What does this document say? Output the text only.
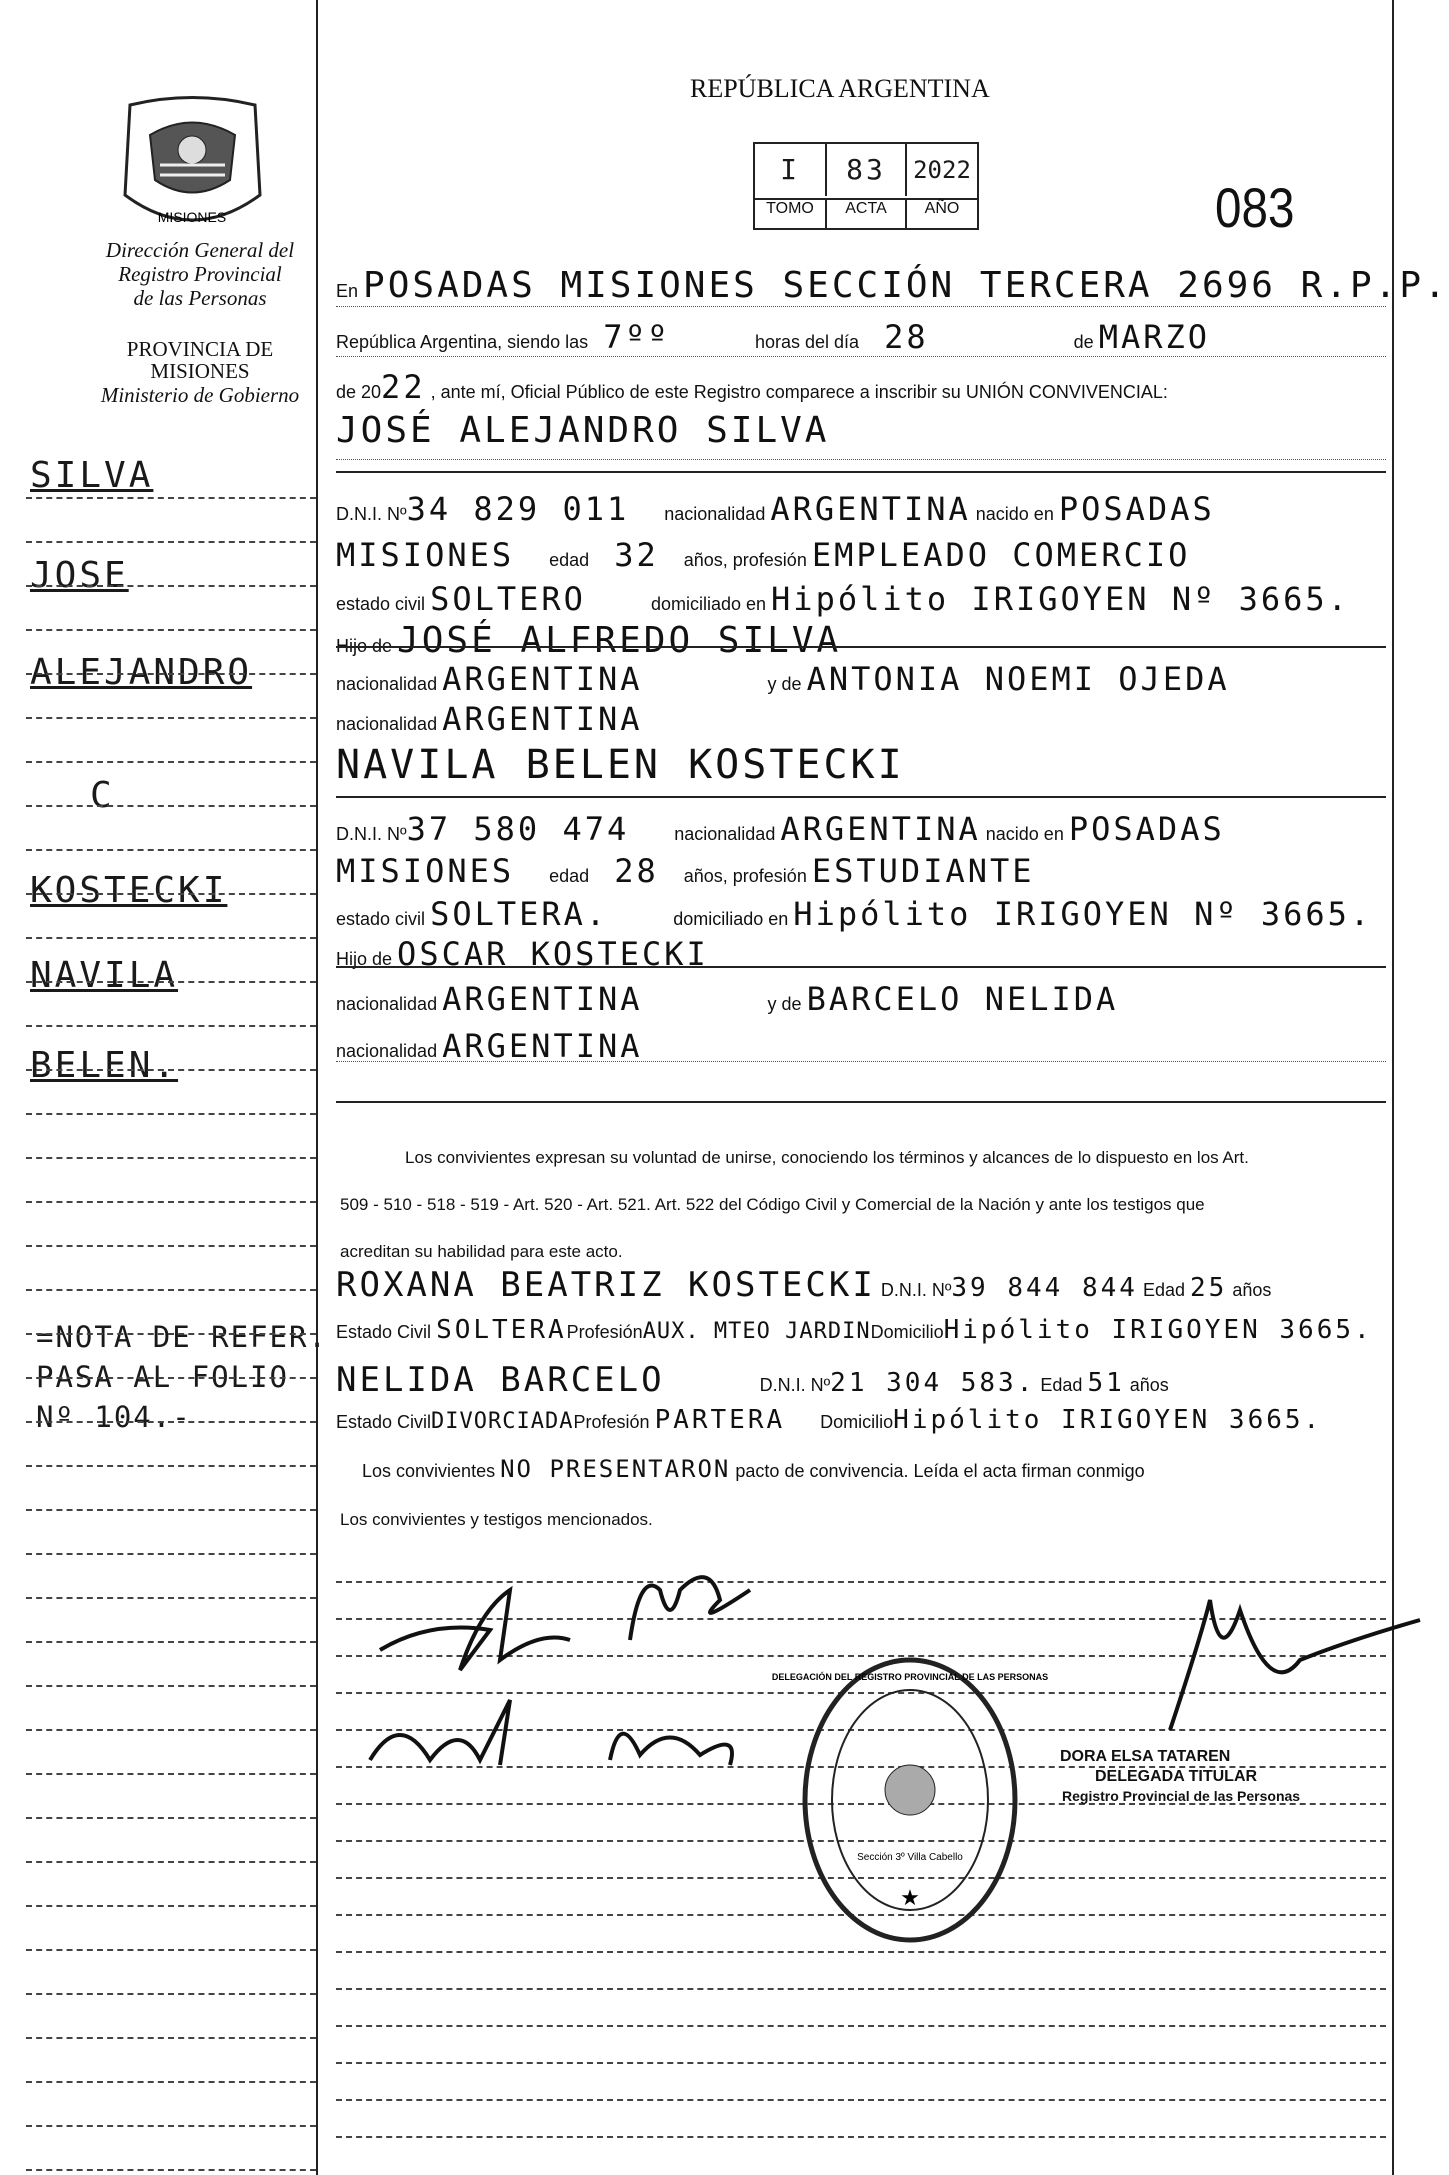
MISIONES
Dirección General del
Registro Provincial
de las Personas
PROVINCIA DE
MISIONES
Ministerio de Gobierno
SILVA
JOSE
ALEJANDRO
C
KOSTECKI
NAVILA
BELEN.
=NOTA DE REFER.
PASA AL FOLIO
Nº 104.-
REPÚBLICA ARGENTINA
I	83	2022
TOMO	ACTA	AÑO	083
En POSADAS MISIONES SECCIÓN TERCERA 2696 R.P.P.
República Argentina, siendo las 7ºº	horas del día 28	de MARZO
de 2022 , ante mí, Oficial Público de este Registro comparece a inscribir su UNIÓN CONVIVENCIAL:
JOSÉ ALEJANDRO SILVA
D.N.I. Nº34 829 011 nacionalidad ARGENTINA nacido en POSADAS
MISIONES edad 32 años, profesión EMPLEADO COMERCIO
estado civil SOLTERO	domiciliado en Hipólito IRIGOYEN Nº 3665.
Hijo de JOSÉ ALFREDO SILVA
nacionalidad ARGENTINA	y de ANTONIA NOEMI OJEDA
nacionalidad ARGENTINA
NAVILA BELEN KOSTECKI
D.N.I. Nº37 580 474	nacionalidad ARGENTINA nacido en POSADAS
MISIONES edad 28 años, profesión ESTUDIANTE
estado civil SOLTERA.	domiciliado en Hipólito IRIGOYEN Nº 3665.
Hijo de OSCAR KOSTECKI
nacionalidad ARGENTINA	y de BARCELO NELIDA
nacionalidad ARGENTINA
Los convivientes expresan su voluntad de unirse, conociendo los términos y alcances de lo dispuesto en los Art.
509 - 510 - 518 - 519 - Art. 520 - Art. 521. Art. 522 del Código Civil y Comercial de la Nación y ante los testigos que
acreditan su habilidad para este acto.
ROXANA BEATRIZ KOSTECKI D.N.I. Nº39 844 844 Edad 25 años
Estado Civil SOLTERAProfesiónAUX. MTEO JARDINDomicilioHipólito IRIGOYEN 3665.
NELIDA BARCELO	D.N.I. Nº21 304 583. Edad 51 años
Estado CivilDIVORCIADAProfesión PARTERA DomicilioHipólito IRIGOYEN 3665.
Los convivientes NO PRESENTARON pacto de convivencia. Leída el acta firman conmigo
Los convivientes y testigos mencionados.
★
DELEGACIÓN DEL REGISTRO PROVINCIAL DE LAS PERSONAS
Sección 3º Villa Cabello
DORA ELSA TATAREN
DELEGADA TITULAR
Registro Provincial de las Personas
